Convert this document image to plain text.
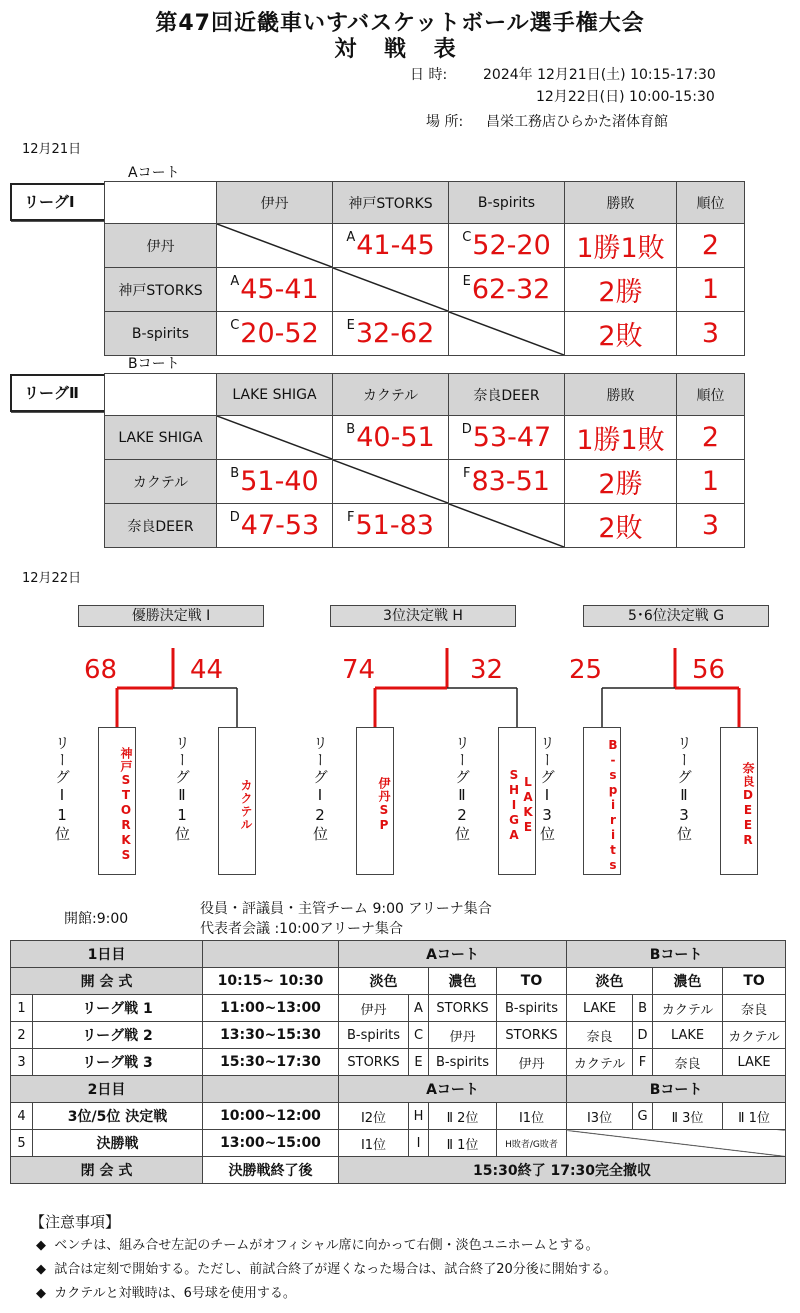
第47回近畿車いすバスケットボール選手権大会
対 戦 表
日 時:	2024年 12月21日(土) 10:15-17:30
12月22日(日) 10:00-15:30
場 所: 昌栄工務店ひらかた渚体育館
12月21日
Aコート
リーグⅠ
		伊丹	神戸STORKS	B-spirits	勝敗	順位
伊丹		$^A$41-45	$^C$52-20	1勝1敗	2
神戸STORKS	$^A$45-41		$^E$62-32	2勝	1
B-spirits	$^C$20-52	$^E$32-62		2敗	3
Bコート
リーグⅡ
		LAKE SHIGA	カクテル	奈良DEER	勝敗	順位
LAKE SHIGA		$^B$40-51	$^D$53-47	1勝1敗	2
カクテル	$^B$51-40		$^F$83-51	2勝	1
奈良DEER	$^D$47-53	$^F$51-83		2敗	3
12月22日
優勝決定戦 I
68
リーグⅠ1位	神戸STORKS
44
リーグⅡ1位	カクテル
3位決定戦 H
74
リーグⅠ2位	伊丹SP
32
リーグⅡ2位	LAKE SHIGA
5･6位決定戦 G
25
リーグⅠ3位	B-spirits
56
リーグⅡ3位	奈良DEER
開館:9:00
役員・評議員・主管チーム 9:00 アリーナ集合
代表者会議 :10:00アリーナ集合
1日目			Aコート				Bコート			
開 会 式		10:15~ 10:30	淡色		濃色	TO	淡色		濃色	TO
1	リーグ戦 1	11:00~13:00	伊丹	A	STORKS	B-spirits	LAKE	B	カクテル	奈良
2	リーグ戦 2	13:30~15:30	B-spirits	C	伊丹	STORKS	奈良	D	LAKE	カクテル
3	リーグ戦 3	15:30~17:30	STORKS	E	B-spirits	伊丹	カクテル	F	奈良	LAKE
2日目			Aコート				Bコート			
4	3位/5位 決定戦	10:00~12:00	Ⅰ2位	H	Ⅱ 2位	Ⅰ1位	Ⅰ3位	G	Ⅱ 3位	Ⅱ 1位
5	決勝戦	13:00~15:00	Ⅰ1位	I	Ⅱ 1位	H敗者/G敗者				
閉 会 式		決勝戦終了後	15:30終了 17:30完全撤収							
【注意事項】
◆  ベンチは、組み合せ左記のチームがオフィシャル席に向かって右側・淡色ユニホームとする。
◆  試合は定刻で開始する。ただし、前試合終了が遅くなった場合は、試合終了20分後に開始する。
◆  カクテルと対戦時は、6号球を使用する。
